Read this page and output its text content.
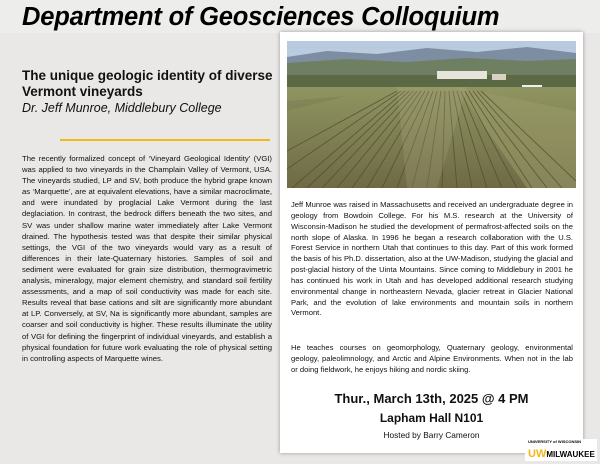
Department of Geosciences Colloquium
The unique geologic identity of diverse Vermont vineyards
Dr. Jeff Munroe, Middlebury College

The recently formalized concept of ‘Vineyard Geological Identity’ (VGI) was applied to two vineyards in the Champlain Valley of Vermont, USA. The vineyards studied, LP and SV, both produce the hybrid grape known as ‘Marquette’, are at equivalent elevations, have a similar macroclimate, and were inundated by proglacial Lake Vermont during the last deglaciation. In contrast, the bedrock differs beneath the two sites, and SV was under shallow marine water immediately after Lake Vermont drained. The hypothesis tested was that despite their similar physical settings, the VGI of the two vineyards would vary as a result of differences in their late-Quaternary histories. Samples of soil and sediment were evaluated for grain size distribution, thermogravimetric analysis, mineralogy, major element chemistry, and standard soil fertility assessments, and a map of soil conductivity was made for each site. Results reveal that base cations and silt are significantly more abundant at LP. Conversely, at SV, Na is significantly more abundant, samples are coarser and soil conductivity is higher. These results illuminate the utility of VGI for defining the fingerprint of individual vineyards, and establish a physical foundation for future work evaluating the role of physical setting in controlling aspects of Marquette wines.

Jeff Munroe was raised in Massachusetts and received an undergraduate degree in geology from Bowdoin College. For his M.S. research at the University of Wisconsin-Madison he studied the development of permafrost-affected soils on the north slope of Alaska. In 1996 he began a research collaboration with the U.S. Forest Service in northern Utah that continues to this day. Part of this work formed the basis of his Ph.D. dissertation, also at the UW-Madison, studying the glacial and post-glacial history of the Uinta Mountains. Since coming to Middlebury in 2001 he has continued his work in Utah and has developed additional research studying environmental change in northeastern Nevada, glacier retreat in Glacier National Park, and the evolution of lake environments and mountain soils in northern Vermont.

He teaches courses on geomorphology, Quaternary geology, environmental geology, paleolimnology, and Arctic and Alpine Environments. When not in the lab or doing fieldwork, he enjoys hiking and nordic skiing.

Thur., March 13th, 2025 @ 4 PM
Lapham Hall N101
Hosted by Barry Cameron
UNIVERSITY of WISCONSIN
UWMILWAUKEE
